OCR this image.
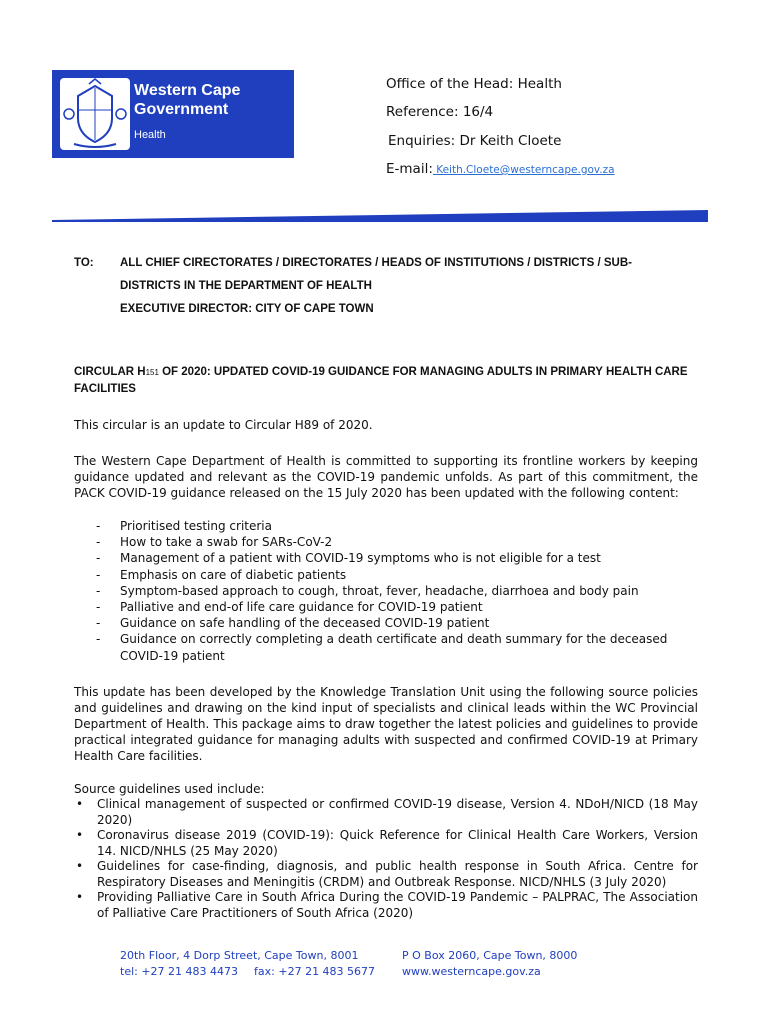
Western Cape
Government
Health
Office of the Head: Health
Reference: 16/4
Enquiries: Dr Keith Cloete
E-mail: Keith.Cloete@westerncape.gov.za
TO: ALL CHIEF CIRECTORATES / DIRECTORATES / HEADS OF INSTITUTIONS / DISTRICTS / SUB-
DISTRICTS IN THE DEPARTMENT OF HEALTH
EXECUTIVE DIRECTOR: CITY OF CAPE TOWN
CIRCULAR H151 OF 2020: UPDATED COVID-19 GUIDANCE FOR MANAGING ADULTS IN PRIMARY HEALTH CARE FACILITIES
This circular is an update to Circular H89 of 2020.
The Western Cape Department of Health is committed to supporting its frontline workers by keeping guidance updated and relevant as the COVID-19 pandemic unfolds. As part of this commitment, the PACK COVID-19 guidance released on the 15 July 2020 has been updated with the following content:
- Prioritised testing criteria
- How to take a swab for SARs-CoV-2
- Management of a patient with COVID-19 symptoms who is not eligible for a test
- Emphasis on care of diabetic patients
- Symptom-based approach to cough, throat, fever, headache, diarrhoea and body pain
- Palliative and end-of life care guidance for COVID-19 patient
- Guidance on safe handling of the deceased COVID-19 patient
- Guidance on correctly completing a death certificate and death summary for the deceased COVID-19 patient
This update has been developed by the Knowledge Translation Unit using the following source policies and guidelines and drawing on the kind input of specialists and clinical leads within the WC Provincial Department of Health. This package aims to draw together the latest policies and guidelines to provide practical integrated guidance for managing adults with suspected and confirmed COVID-19 at Primary Health Care facilities.
Source guidelines used include:
• Clinical management of suspected or confirmed COVID-19 disease, Version 4. NDoH/NICD (18 May 2020)
• Coronavirus disease 2019 (COVID-19): Quick Reference for Clinical Health Care Workers, Version 14. NICD/NHLS (25 May 2020)
• Guidelines for case-finding, diagnosis, and public health response in South Africa. Centre for Respiratory Diseases and Meningitis (CRDM) and Outbreak Response. NICD/NHLS (3 July 2020)
• Providing Palliative Care in South Africa During the COVID-19 Pandemic – PALPRAC, The Association of Palliative Care Practitioners of South Africa (2020)
20th Floor, 4 Dorp Street, Cape Town, 8001
tel: +27 21 483 4473 fax: +27 21 483 5677
P O Box 2060, Cape Town, 8000
www.westerncape.gov.za
